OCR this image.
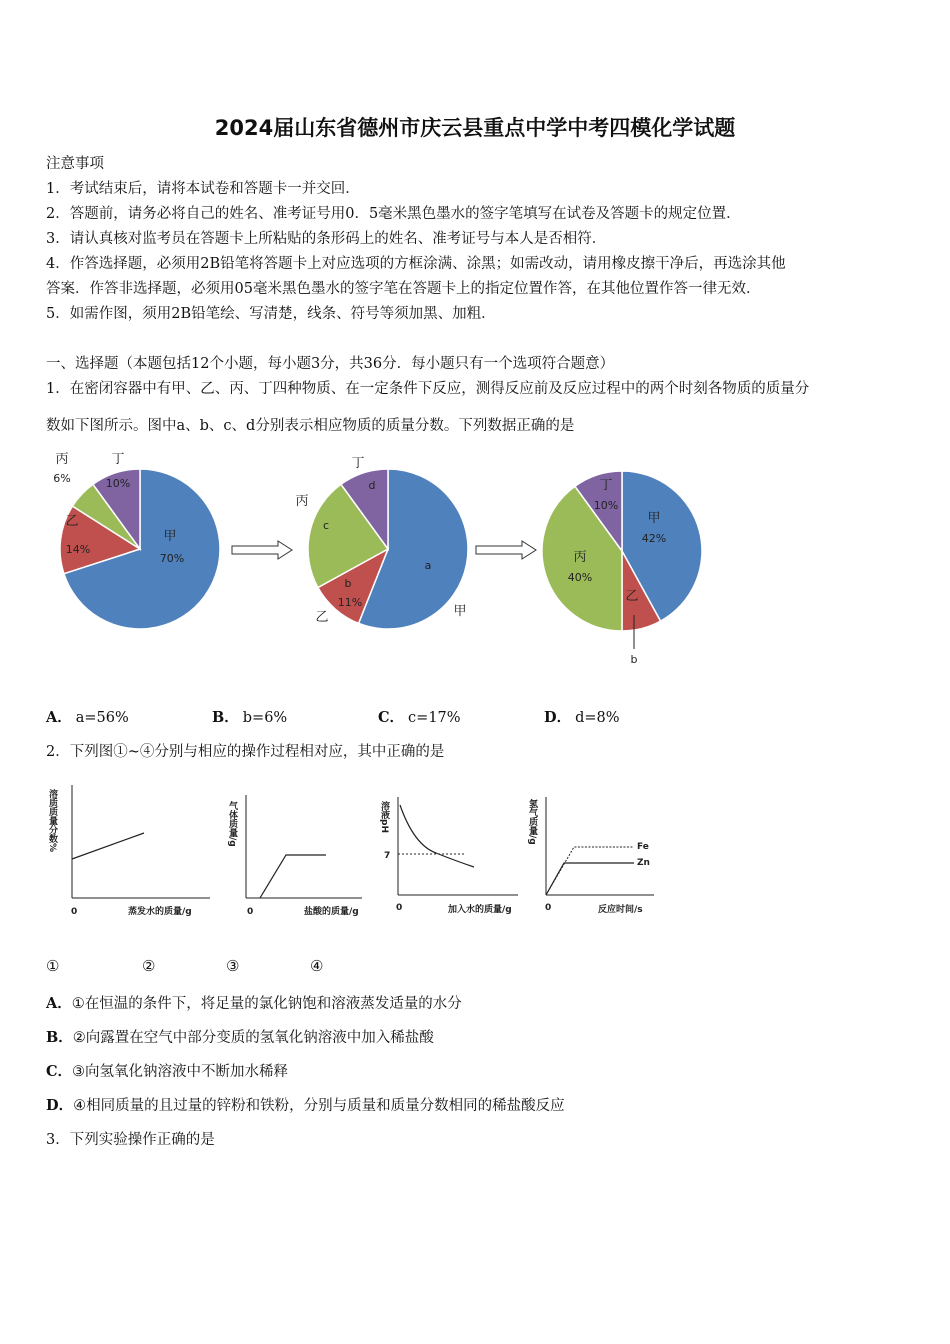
2024届山东省德州市庆云县重点中学中考四模化学试题
注意事项
1．考试结束后，请将本试卷和答题卡一并交回．
2．答题前，请务必将自己的姓名、准考证号用0．5毫米黑色墨水的签字笔填写在试卷及答题卡的规定位置．
3．请认真核对监考员在答题卡上所粘贴的条形码上的姓名、准考证号与本人是否相符．
4．作答选择题，必须用2B铅笔将答题卡上对应选项的方框涂满、涂黑；如需改动，请用橡皮擦干净后，再选涂其他
答案．作答非选择题，必须用05毫米黑色墨水的签字笔在答题卡上的指定位置作答，在其他位置作答一律无效．
5．如需作图，须用2B铅笔绘、写清楚，线条、符号等须加黑、加粗．
一、选择题（本题包括12个小题，每小题3分，共36分．每小题只有一个选项符合题意）
1．在密闭容器中有甲、乙、丙、丁四种物质、在一定条件下反应，测得反应前及反应过程中的两个时刻各物质的质量分
数如下图所示。图中a、b、c、d分别表示相应物质的质量分数。下列数据正确的是
甲
70%
乙
14%
丙
6%
丁
10%
甲
a
乙
b
11%
丙
c
丁
d
甲
42%
乙
b
丙
40%
丁
10%
A． a=56%	B． b=6%	C． c=17%	D． d=8%
2．下列图①~④分别与相应的操作过程相对应，其中正确的是
溶质质量分数%
0	蒸发水的质量/g
气体质量/g
0	盐酸的质量/g
溶液pH
7
0	加入水的质量/g
氢气质量/g
Fe
Zn
0	反应时间/s
①	②	③	④
A．①在恒温的条件下，将足量的氯化钠饱和溶液蒸发适量的水分
B．②向露置在空气中部分变质的氢氧化钠溶液中加入稀盐酸
C．③向氢氧化钠溶液中不断加水稀释
D．④相同质量的且过量的锌粉和铁粉，分别与质量和质量分数相同的稀盐酸反应
3．下列实验操作正确的是
